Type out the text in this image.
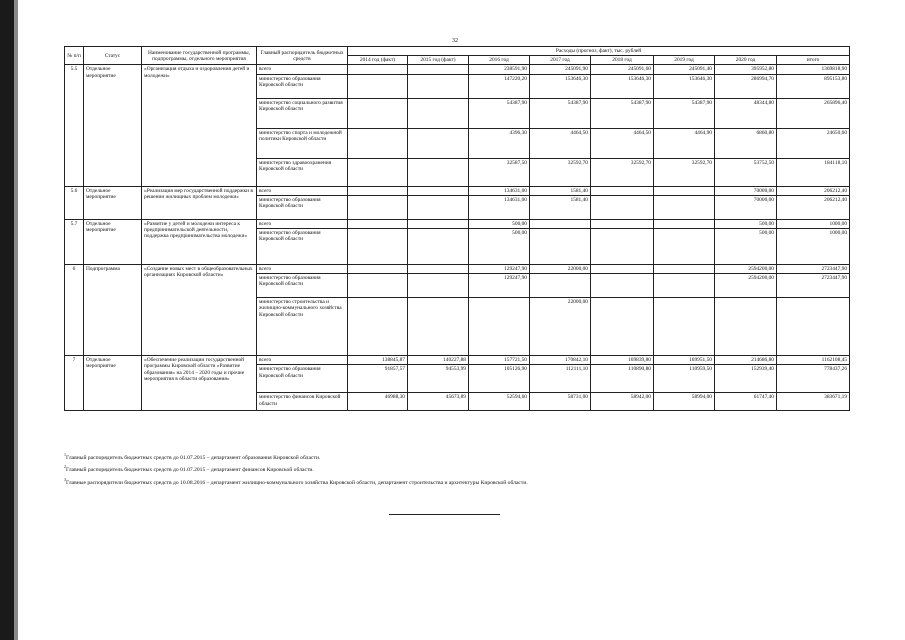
32
№ п/п	Статус	Наименование государственной программы, подпрограммы, отдельного мероприятия	Главный распорядитель бюджетных средств	Расходы (прогноз, факт), тыс. рублей							
				2014 год (факт)	2015 год (факт)	2016 год	2017 год	2018 год	2019 год	2020 год	итого
5.5	Отдельное мероприятие	«Организация отдыха и оздоровления детей и молодежи»	всего			238591,90	245091,90	245091,60	245091,40	395952,80	1369818,90
			министерство образования Кировской области			147220,20	153646,30	153646,30	153646,30	286994,70	895153,80
			министерство социального развития Кировской области			54387,90	54387,90	54387,90	54387,90	48344,80	265896,40
			министерство спорта и молодежной политики Кировской области			4396,30	4464,50	4464,50	4464,90	6860,80	24650,60
			министерство здравоохранения Кировской области			32587,50	32592,70	32592,70	32592,70	53752,50	184118,10
5.6	Отдельное мероприятие	«Реализация мер государственной поддержки в решении жилищных проблем молодежи»	всего			134631,00	1581,40			70000,00	206212,40
			министерство образования Кировской области			134631,00	1581,40			70000,00	206212,40
5.7	Отдельное мероприятие	«Развитие у детей и молодежи интереса к предпринимательской деятельности, поддержка предпринимательства молодежи»	всего			500,00				500,00	1000,00
			министерство образования Кировской области			500,00				500,00	1000,00
6	Подпрограмма	«Создание новых мест в общеобразовательных организациях Кировской области»	всего			129247,90	22000,00			2594200,00	2723447,90
			министерство образования Кировской области			129247,90				2594200,00	2723447,90
			министерство строительства и жилищно-коммунального хозяйства Кировской области				22000,00				
7	Отдельное мероприятие	«Обеспечение реализации государственной программы Кировской области «Развитие образования» на 2014 – 2020 годы и прочие мероприятия в области образования»	всего	138845,87	140227,88	157721,50	170842,10	169839,80	169951,50	214686,80	1162108,45
			министерство образования Кировской области	91857,57	94553,99	105126,90	112111,10	110890,80	110959,50	152939,40	778437,26
			министерство финансов Кировской области	46988,30	45673,89	52594,60	58731,00	58942,00	58994,00	61747,40	383671,19
$^1$Главный распорядитель бюджетных средств до 01.07.2015 – департамент образования Кировской области.
$^2$Главный распорядитель бюджетных средств до 01.07.2015 – департамент финансов Кировской области.
$^3$Главные распорядители бюджетных средств до 10.08.2016 – департамент жилищно-коммунального хозяйства Кировской области, департамент строительства и архитектуры Кировской области.
